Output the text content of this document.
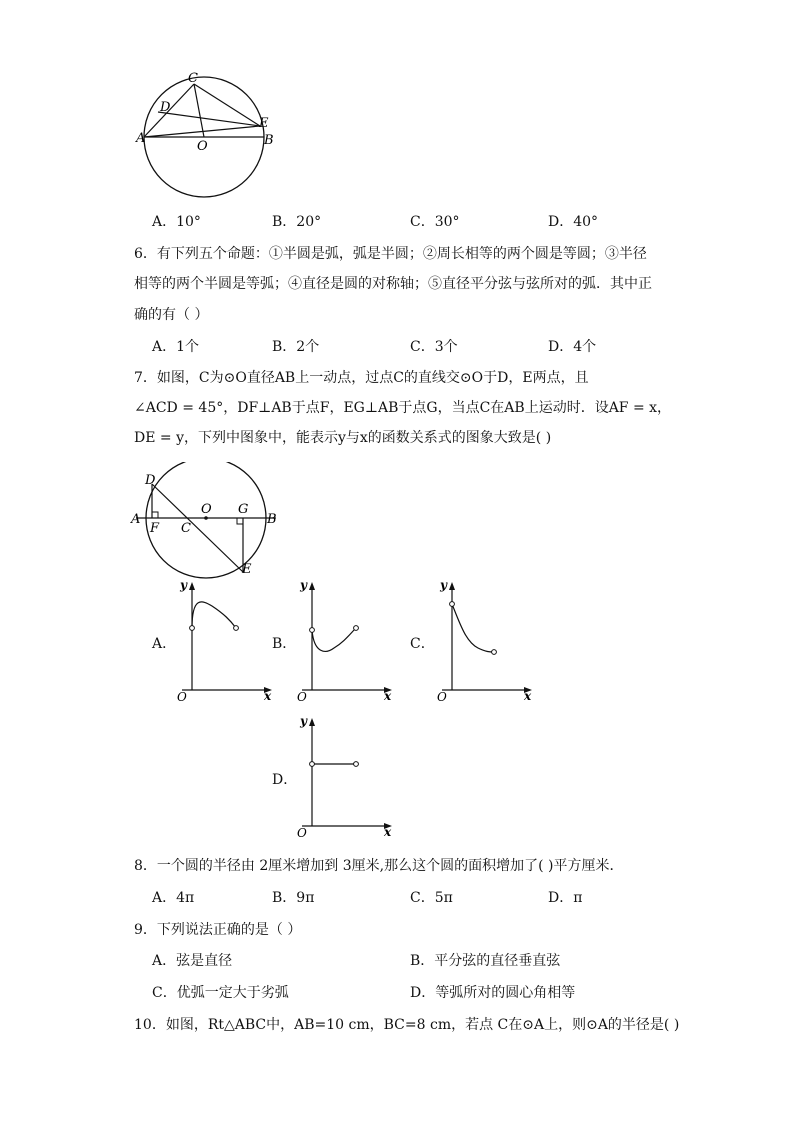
C
D
A
O
E
B
A．10°	B．20°	C．30°	D．40°
6．有下列五个命题：①半圆是弧，弧是半圆；②周长相等的两个圆是等圆；③半径
相等的两个半圆是等弧；④直径是圆的对称轴；⑤直径平分弦与弦所对的弧．其中正
确的有（ ）
A．1个	B．2个	C．3个	D．4个
7．如图，C为⊙O直径AB上一动点，过点C的直线交⊙O于D，E两点，且
∠ACD = 45°，DF⊥AB于点F，EG⊥AB于点G，当点C在AB上运动时．设AF = x，
DE = y，下列中图象中，能表示y与x的函数关系式的图象大致是( )
D
A
F
O
C
G
B
E
A．
y
x
O
B．
y
x
O
C．
y
x
O
D．
y
x
O
8．一个圆的半径由 2厘米增加到 3厘米,那么这个圆的面积增加了( )平方厘米．
A．4π	B．9π	C．5π	D．π
9．下列说法正确的是（ ）
A．弦是直径	B．平分弦的直径垂直弦
C．优弧一定大于劣弧	D．等弧所对的圆心角相等
10．如图，Rt△ABC中，AB=10 cm，BC=8 cm，若点 C在⊙A上，则⊙A的半径是( )
